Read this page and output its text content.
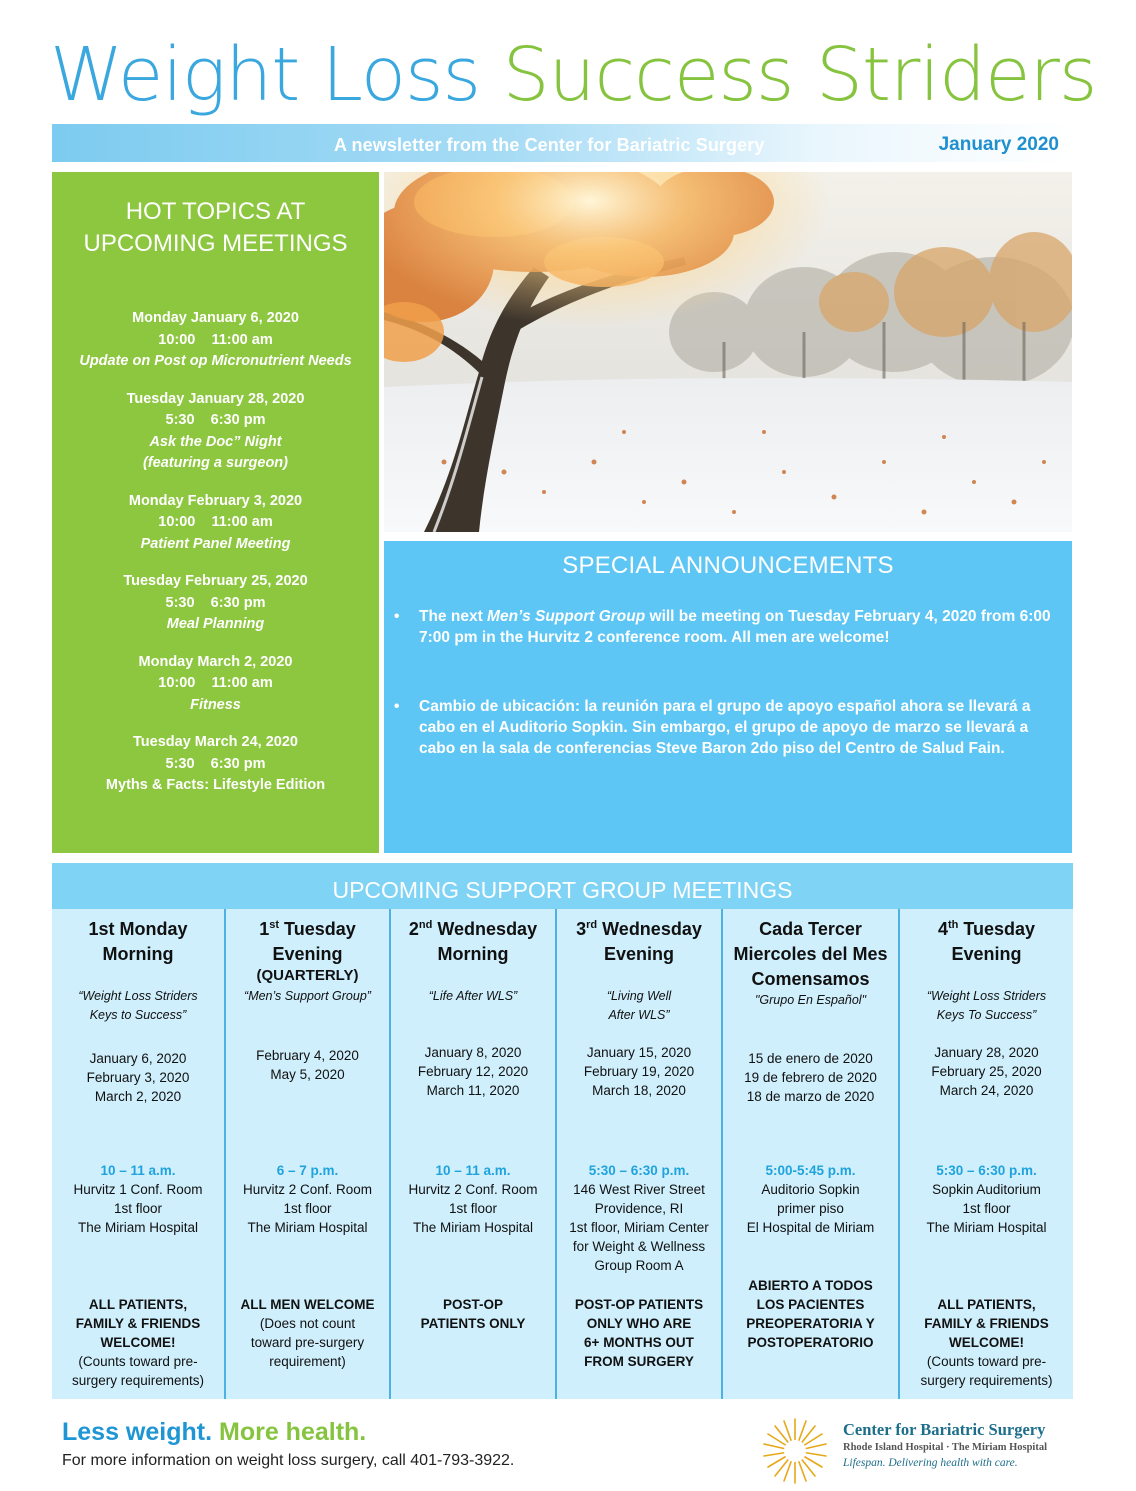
Weight Loss Success Striders
A newsletter from the Center for Bariatric Surgery	January 2020
HOT TOPICS AT
UPCOMING MEETINGS
Monday January 6, 2020
10:00    11:00 am
Update on Post op Micronutrient Needs
Tuesday January 28, 2020
5:30    6:30 pm
Ask the Doc” Night
(featuring a surgeon)
Monday February 3, 2020
10:00    11:00 am
Patient Panel Meeting
Tuesday February 25, 2020
5:30    6:30 pm
Meal Planning
Monday March 2, 2020
10:00    11:00 am
Fitness
Tuesday March 24, 2020
5:30    6:30 pm
Myths & Facts: Lifestyle Edition
SPECIAL ANNOUNCEMENTS
• The next Men’s Support Group will be meeting on Tuesday February 4, 2020 from 6:00 7:00 pm in the Hurvitz 2 conference room. All men are welcome!
• Cambio de ubicación: la reunión para el grupo de apoyo español ahora se llevará a cabo en el Auditorio Sopkin. Sin embargo, el grupo de apoyo de marzo se llevará a cabo en la sala de conferencias Steve Baron 2do piso del Centro de Salud Fain.
UPCOMING SUPPORT GROUP MEETINGS
1st Monday
Morning
“Weight Loss Striders
Keys to Success”
January 6, 2020
February 3, 2020
March 2, 2020
10 – 11 a.m.
Hurvitz 1 Conf. Room
1st floor
The Miriam Hospital
ALL PATIENTS,
FAMILY & FRIENDS
WELCOME!
(Counts toward pre-
surgery requirements)
1st Tuesday
Evening
(QUARTERLY)
“Men’s Support Group”
February 4, 2020
May 5, 2020
6 – 7 p.m.
Hurvitz 2 Conf. Room
1st floor
The Miriam Hospital
ALL MEN WELCOME
(Does not count
toward pre-surgery
requirement)
2nd Wednesday
Morning
“Life After WLS”
January 8, 2020
February 12, 2020
March 11, 2020
10 – 11 a.m.
Hurvitz 2 Conf. Room
1st floor
The Miriam Hospital
POST-OP
PATIENTS ONLY
3rd Wednesday
Evening
“Living Well
After WLS”
January 15, 2020
February 19, 2020
March 18, 2020
5:30 – 6:30 p.m.
146 West River Street
Providence, RI
1st floor, Miriam Center
for Weight & Wellness
Group Room A
POST-OP PATIENTS
ONLY WHO ARE
6+ MONTHS OUT
FROM SURGERY
Cada Tercer
Miercoles del Mes
Comensamos
"Grupo En Español"
15 de enero de 2020
19 de febrero de 2020
18 de marzo de 2020
5:00-5:45 p.m.
Auditorio Sopkin
primer piso
El Hospital de Miriam
ABIERTO A TODOS
LOS PACIENTES
PREOPERATORIA Y
POSTOPERATORIO
4th Tuesday
Evening
“Weight Loss Striders
Keys To Success”
January 28, 2020
February 25, 2020
March 24, 2020
5:30 – 6:30 p.m.
Sopkin Auditorium
1st floor
The Miriam Hospital
ALL PATIENTS,
FAMILY & FRIENDS
WELCOME!
(Counts toward pre-
surgery requirements)
Less weight. More health.
For more information on weight loss surgery, call 401-793-3922.
Center for Bariatric Surgery
Rhode Island Hospital · The Miriam Hospital
Lifespan. Delivering health with care.
